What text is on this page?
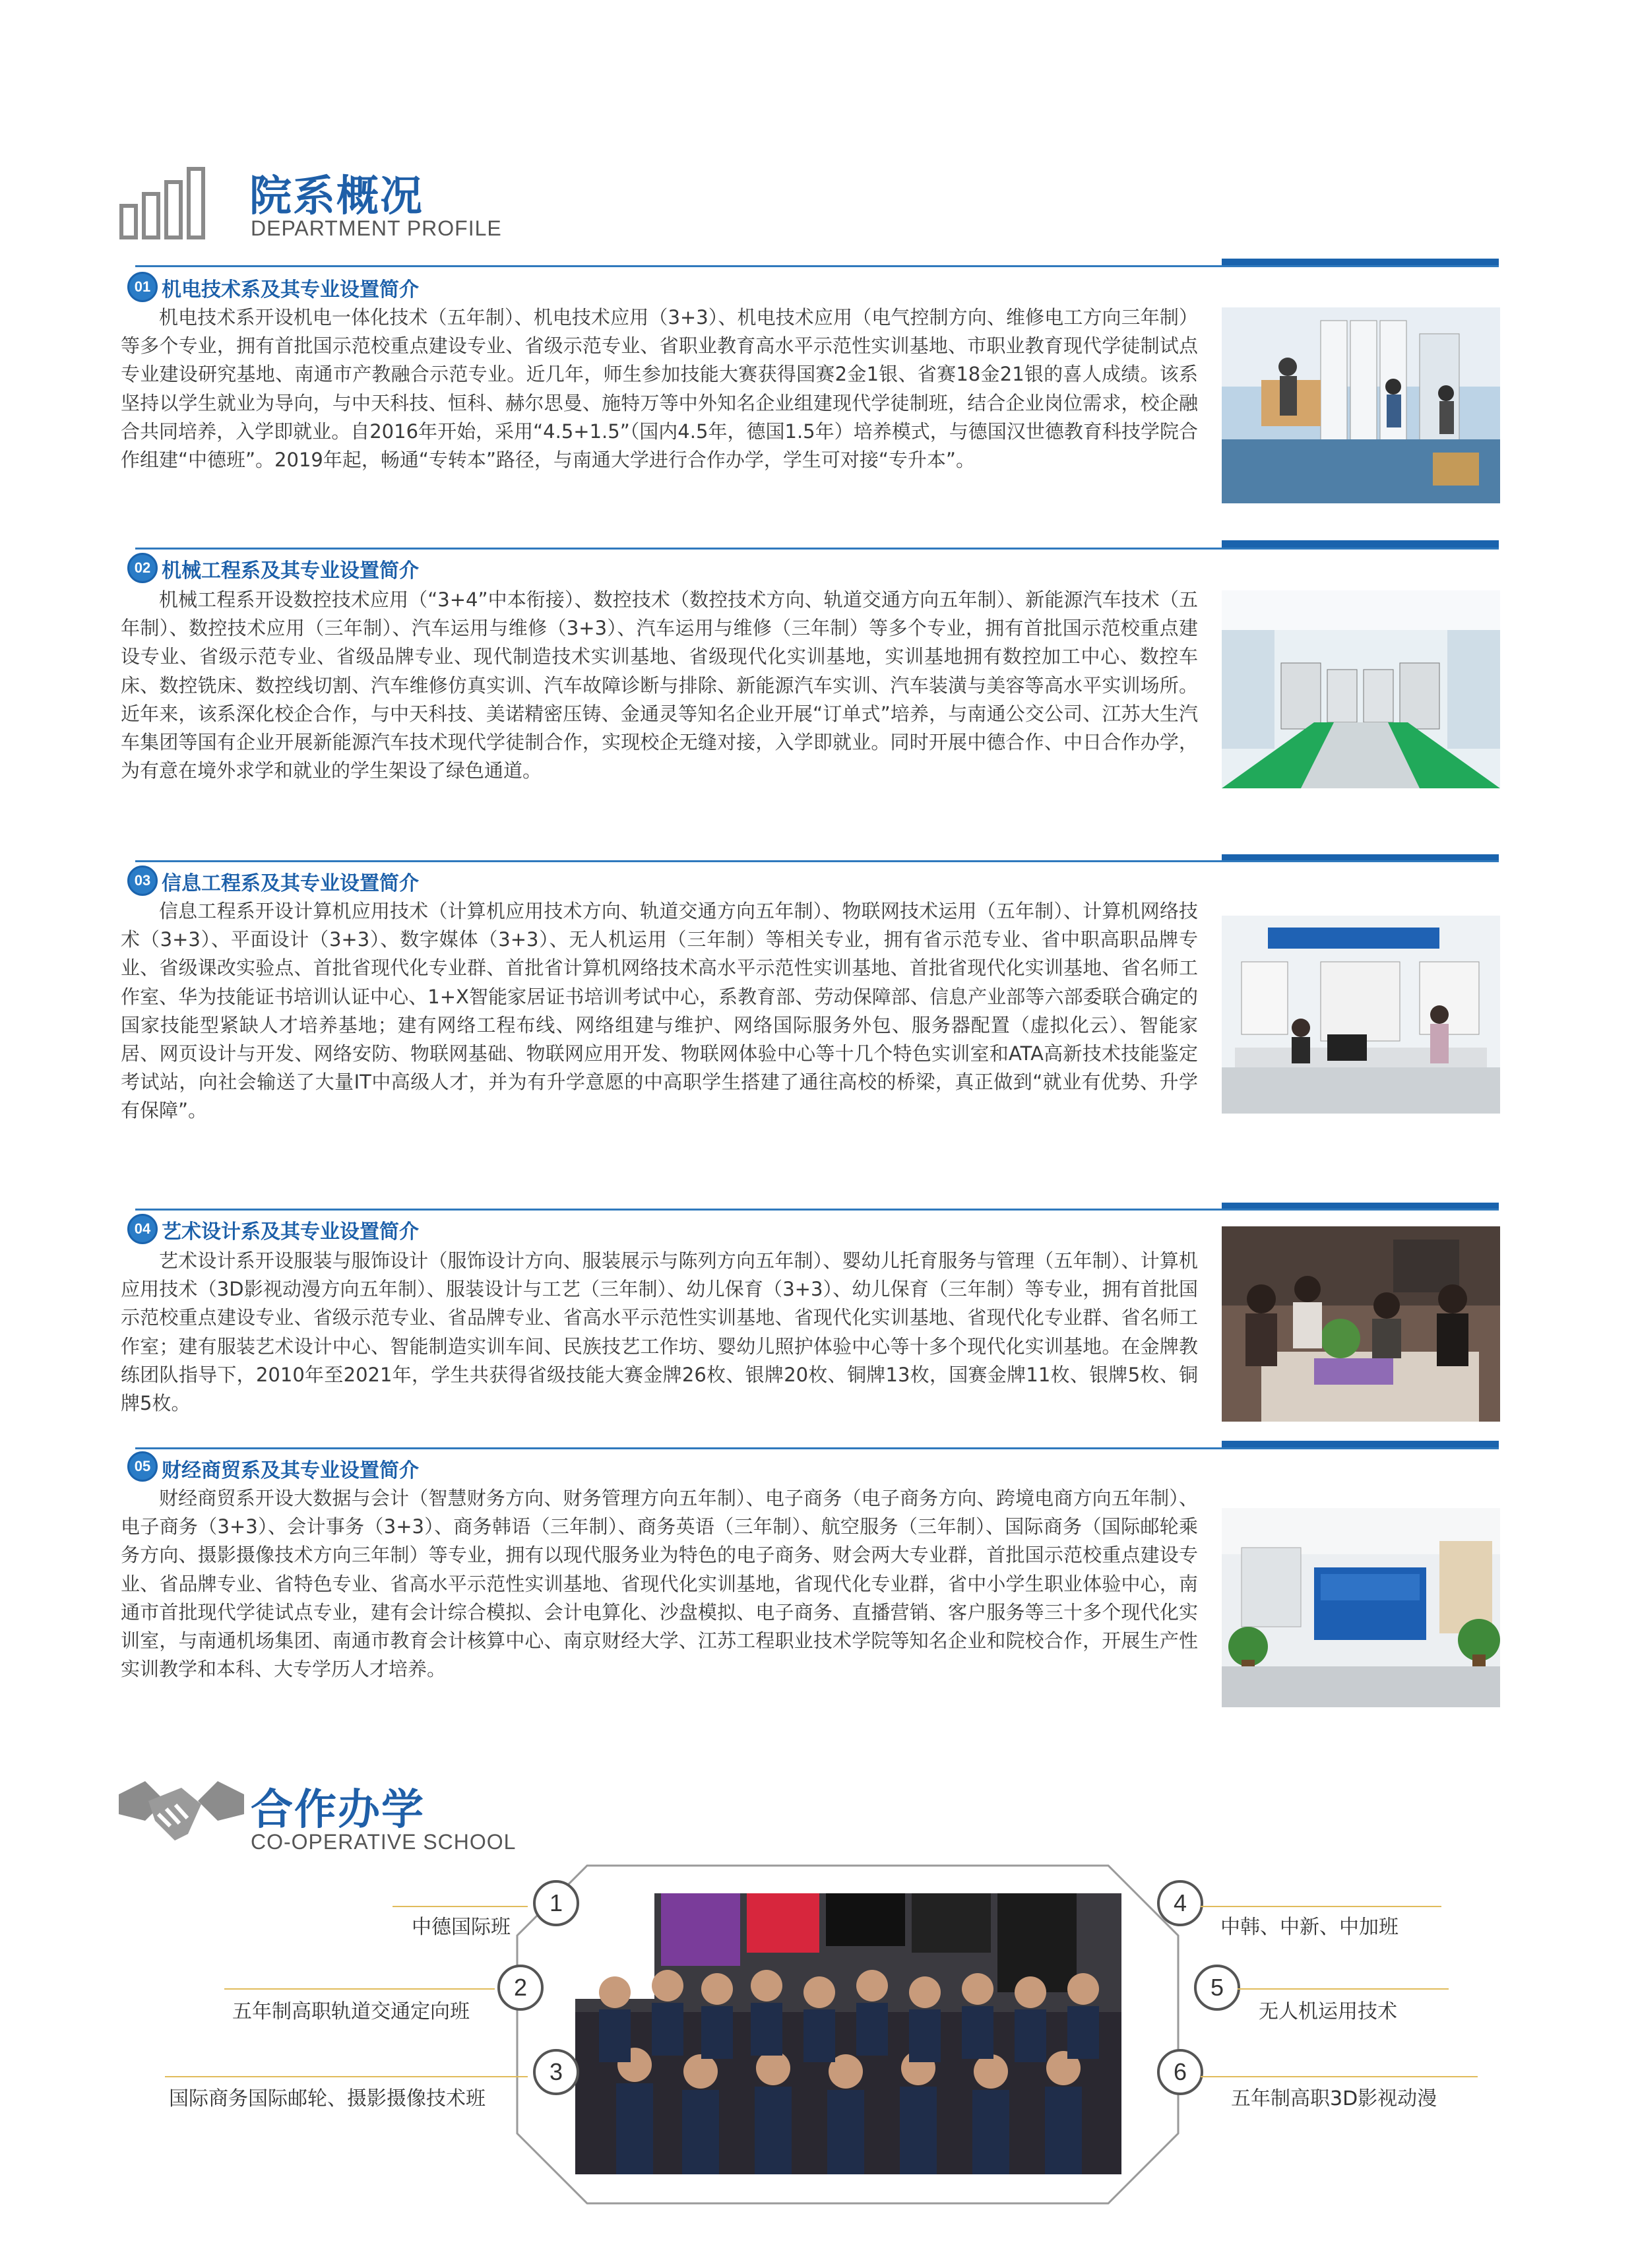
院系概况
DEPARTMENT PROFILE
01 机电技术系及其专业设置简介

机电技术系开设机电一体化技术（五年制）、机电技术应用（3+3）、机电技术应用（电气控制方向、维修电工方向三年制）等多个专业，拥有首批国示范校重点建设专业、省级示范专业、省职业教育高水平示范性实训基地、市职业教育现代学徒制试点专业建设研究基地、南通市产教融合示范专业。近几年，师生参加技能大赛获得国赛2金1银、省赛18金21银的喜人成绩。该系坚持以学生就业为导向，与中天科技、恒科、赫尔思曼、施特万等中外知名企业组建现代学徒制班，结合企业岗位需求，校企融合共同培养，入学即就业。自2016年开始，采用“4.5+1.5”（国内4.5年，德国1.5年）培养模式，与德国汉世德教育科技学院合作组建“中德班”。2019年起，畅通“专转本”路径，与南通大学进行合作办学，学生可对接“专升本”。

02 机械工程系及其专业设置简介

机械工程系开设数控技术应用（“3+4”中本衔接）、数控技术（数控技术方向、轨道交通方向五年制）、新能源汽车技术（五年制）、数控技术应用（三年制）、汽车运用与维修（3+3）、汽车运用与维修（三年制）等多个专业，拥有首批国示范校重点建设专业、省级示范专业、省级品牌专业、现代制造技术实训基地、省级现代化实训基地，实训基地拥有数控加工中心、数控车床、数控铣床、数控线切割、汽车维修仿真实训、汽车故障诊断与排除、新能源汽车实训、汽车装潢与美容等高水平实训场所。近年来，该系深化校企合作，与中天科技、美诺精密压铸、金通灵等知名企业开展“订单式”培养，与南通公交公司、江苏大生汽车集团等国有企业开展新能源汽车技术现代学徒制合作，实现校企无缝对接，入学即就业。同时开展中德合作、中日合作办学，为有意在境外求学和就业的学生架设了绿色通道。

03 信息工程系及其专业设置简介

信息工程系开设计算机应用技术（计算机应用技术方向、轨道交通方向五年制）、物联网技术运用（五年制）、计算机网络技术（3+3）、平面设计（3+3）、数字媒体（3+3）、无人机运用（三年制）等相关专业，拥有省示范专业、省中职高职品牌专业、省级课改实验点、首批省现代化专业群、首批省计算机网络技术高水平示范性实训基地、首批省现代化实训基地、省名师工作室、华为技能证书培训认证中心、1+X智能家居证书培训考试中心，系教育部、劳动保障部、信息产业部等六部委联合确定的国家技能型紧缺人才培养基地；建有网络工程布线、网络组建与维护、网络国际服务外包、服务器配置（虚拟化云）、智能家居、网页设计与开发、网络安防、物联网基础、物联网应用开发、物联网体验中心等十几个特色实训室和ATA高新技术技能鉴定考试站，向社会输送了大量IT中高级人才，并为有升学意愿的中高职学生搭建了通往高校的桥梁，真正做到“就业有优势、升学有保障”。

04 艺术设计系及其专业设置简介

艺术设计系开设服装与服饰设计（服饰设计方向、服装展示与陈列方向五年制）、婴幼儿托育服务与管理（五年制）、计算机应用技术（3D影视动漫方向五年制）、服装设计与工艺（三年制）、幼儿保育（3+3）、幼儿保育（三年制）等专业，拥有首批国示范校重点建设专业、省级示范专业、省品牌专业、省高水平示范性实训基地、省现代化实训基地、省现代化专业群、省名师工作室；建有服装艺术设计中心、智能制造实训车间、民族技艺工作坊、婴幼儿照护体验中心等十多个现代化实训基地。在金牌教练团队指导下，2010年至2021年，学生共获得省级技能大赛金牌26枚、银牌20枚、铜牌13枚，国赛金牌11枚、银牌5枚、铜牌5枚。

05 财经商贸系及其专业设置简介

财经商贸系开设大数据与会计（智慧财务方向、财务管理方向五年制）、电子商务（电子商务方向、跨境电商方向五年制）、电子商务（3+3）、会计事务（3+3）、商务韩语（三年制）、商务英语（三年制）、航空服务（三年制）、国际商务（国际邮轮乘务方向、摄影摄像技术方向三年制）等专业，拥有以现代服务业为特色的电子商务、财会两大专业群，首批国示范校重点建设专业、省品牌专业、省特色专业、省高水平示范性实训基地、省现代化实训基地，省现代化专业群，省中小学生职业体验中心，南通市首批现代学徒试点专业，建有会计综合模拟、会计电算化、沙盘模拟、电子商务、直播营销、客户服务等三十多个现代化实训室，与南通机场集团、南通市教育会计核算中心、南京财经大学、江苏工程职业技术学院等知名企业和院校合作，开展生产性实训教学和本科、大专学历人才培养。

合作办学
CO-OPERATIVE SCHOOL
中德国际班
1
五年制高职轨道交通定向班
2
国际商务国际邮轮、摄影摄像技术班
3
4
中韩、中新、中加班
5
无人机运用技术
6
五年制高职3D影视动漫
